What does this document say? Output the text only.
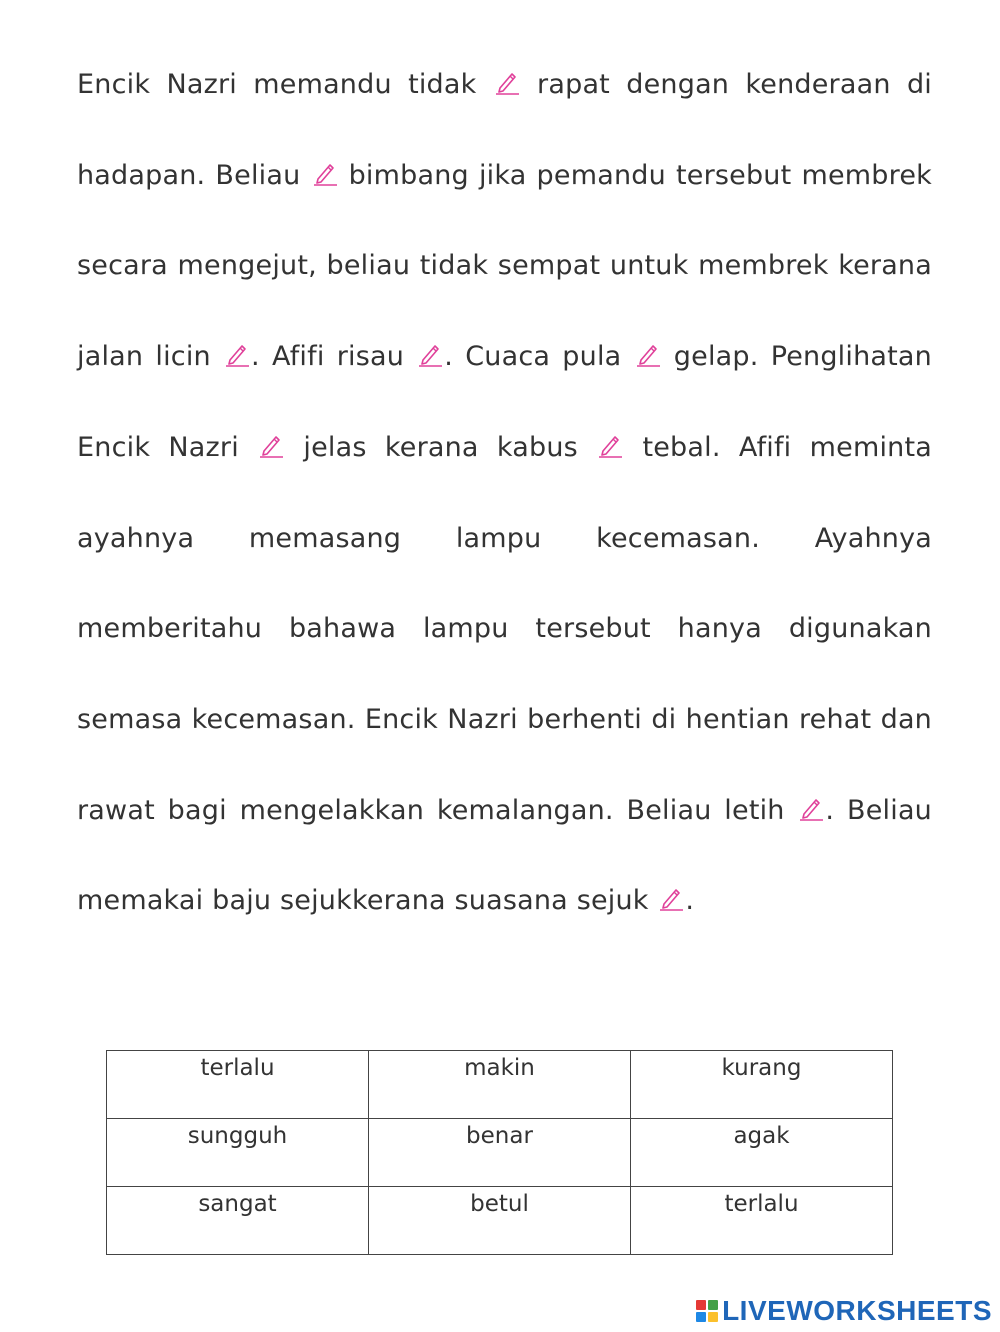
Encik Nazri memandu tidak
rapat dengan kenderaan di hadapan. Beliau
bimbang jika pemandu tersebut membrek secara mengejut, beliau tidak sempat untuk membrek kerana jalan licin
. Afifi risau
. Cuaca pula
gelap. Penglihatan Encik Nazri
jelas kerana kabus
tebal. Afifi meminta ayahnya memasang lampu kecemasan. Ayahnya memberitahu bahawa lampu tersebut hanya digunakan semasa kecemasan. Encik Nazri berhenti di hentian rehat dan rawat bagi mengelakkan kemalangan. Beliau letih
. Beliau memakai baju sejukkerana suasana sejuk
.
terlalu	makin	kurang
sungguh	benar	agak
sangat	betul	terlalu
LIVEWORKSHEETS
